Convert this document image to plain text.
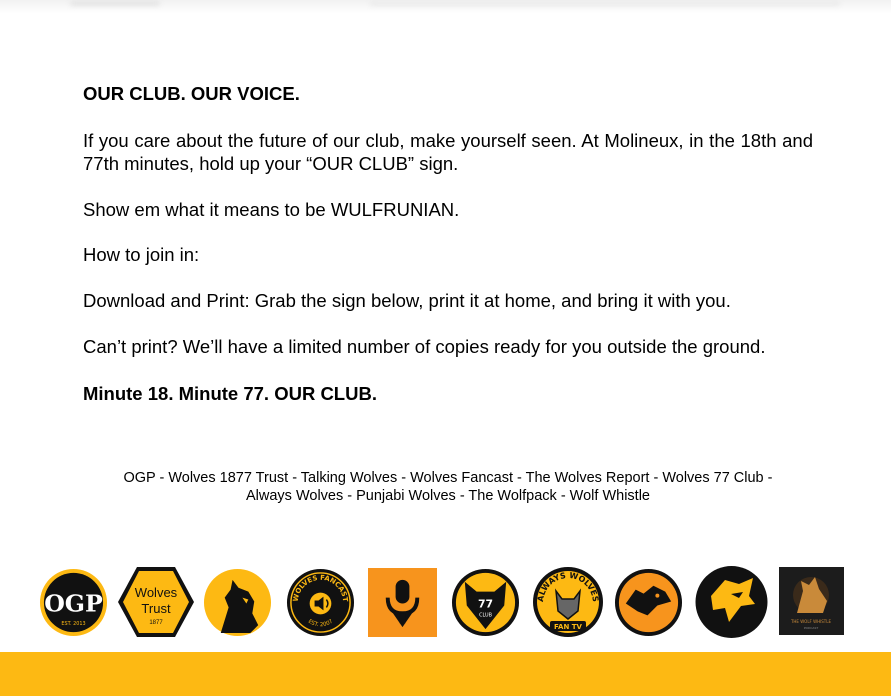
OUR CLUB. OUR VOICE.

If you care about the future of our club, make yourself seen. At Molineux, in the 18th and 77th minutes, hold up your “OUR CLUB” sign.

Show em what it means to be WULFRUNIAN.

How to join in:

Download and Print: Grab the sign below, print it at home, and bring it with you.

Can’t print? We’ll have a limited number of copies ready for you outside the ground.

Minute 18. Minute 77. OUR CLUB.

OGP - Wolves 1877 Trust - Talking Wolves - Wolves Fancast - The Wolves Report - Wolves 77 Club -
Always Wolves - Punjabi Wolves - The Wolfpack - Wolf Whistle
OGP
EST. 2013
Wolves
Trust
1877
WOLVES FANCAST
EST. 2007
77
CLUB
ALWAYS WOLVES
FAN TV
THE WOLF WHISTLE
PODCAST
